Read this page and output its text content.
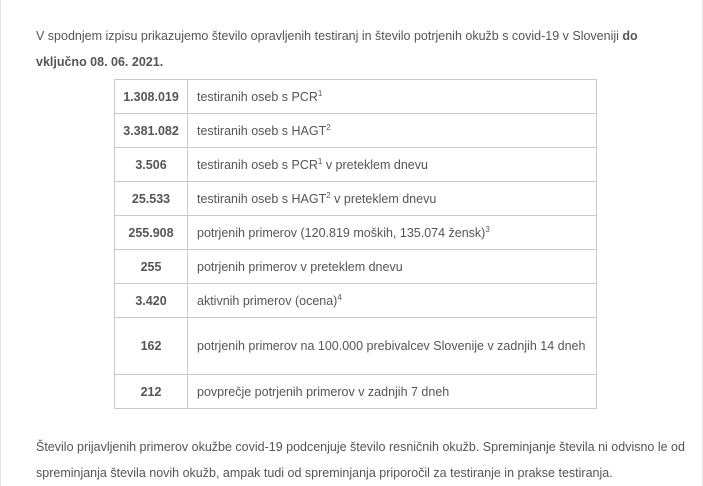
V spodnjem izpisu prikazujemo število opravljenih testiranj in število potrjenih okužb s covid-19 v Sloveniji do vključno 08. 06. 2021.

1.308.019	testiranih oseb s PCR$^1$
3.381.082	testiranih oseb s HAGT$^2$
3.506	testiranih oseb s PCR$^1$ v preteklem dnevu
25.533	testiranih oseb s HAGT$^2$ v preteklem dnevu
255.908	potrjenih primerov (120.819 moških, 135.074 žensk)$^3$
255	potrjenih primerov v preteklem dnevu
3.420	aktivnih primerov (ocena)$^4$
162	potrjenih primerov na 100.000 prebivalcev Slovenije v zadnjih 14 dneh
212	povprečje potrjenih primerov v zadnjih 7 dneh

Število prijavljenih primerov okužbe covid-19 podcenjuje število resničnih okužb. Spreminjanje števila ni odvisno le od spreminjanja števila novih okužb, ampak tudi od spreminjanja priporočil za testiranje in prakse testiranja.
